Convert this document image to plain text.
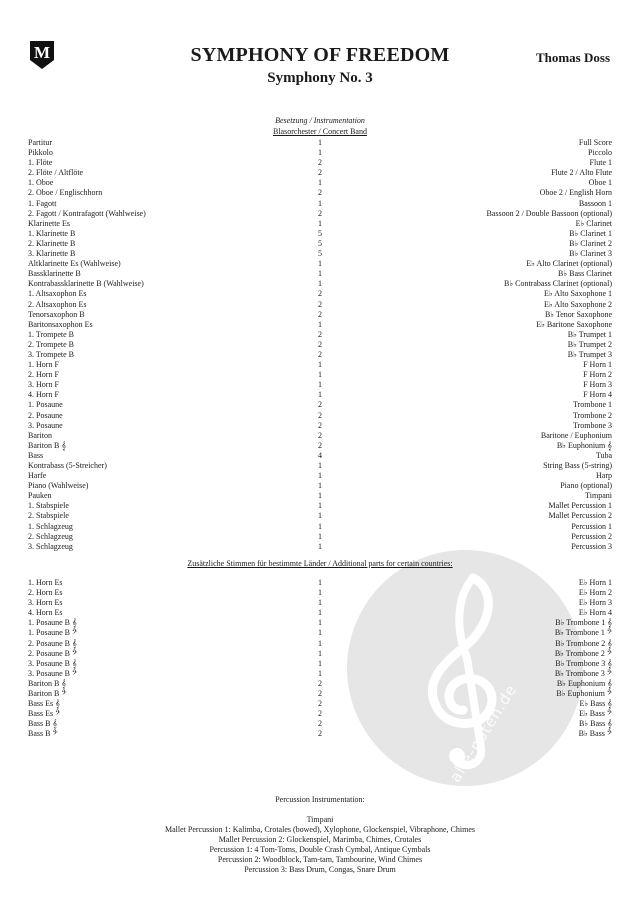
M	SYMPHONY OF FREEDOM
Symphony No. 3
Thomas Doss
alle-noten.de
Besetzung / Instrumentation
Blasorchester / Concert Band
Partitur	1	Full Score
Pikkolo	1	Piccolo
1. Flöte	2	Flute 1
2. Flöte / Altflöte	2	Flute 2 / Alto Flute
1. Oboe	1	Oboe 1
2. Oboe / Englischhorn	2	Oboe 2 / English Horn
1. Fagott	1	Bassoon 1
2. Fagott / Kontrafagott (Wahlweise)	2	Bassoon 2 / Double Bassoon (optional)
Klarinette Es	1	E♭ Clarinet
1. Klarinette B	5	B♭ Clarinet 1
2. Klarinette B	5	B♭ Clarinet 2
3. Klarinette B	5	B♭ Clarinet 3
Altklarinette Es (Wahlweise)	1	E♭ Alto Clarinet (optional)
Bassklarinette B	1	B♭ Bass Clarinet
Kontrabassklarinette B (Wahlweise)	1	B♭ Contrabass Clarinet (optional)
1. Altsaxophon Es	2	E♭ Alto Saxophone 1
2. Altsaxophon Es	2	E♭ Alto Saxophone 2
Tenorsaxophon B	2	B♭ Tenor Saxophone
Baritonsaxophon Es	1	E♭ Baritone Saxophone
1. Trompete B	2	B♭ Trumpet 1
2. Trompete B	2	B♭ Trumpet 2
3. Trompete B	2	B♭ Trumpet 3
1. Horn F	1	F Horn 1
2. Horn F	1	F Horn 2
3. Horn F	1	F Horn 3
4. Horn F	1	F Horn 4
1. Posaune	2	Trombone 1
2. Posaune	2	Trombone 2
3. Posaune	2	Trombone 3
Bariton	2	Baritone / Euphonium
Bariton B 𝄞	2	B♭ Euphonium 𝄞
Bass	4	Tuba
Kontrabass (5-Streicher)	1	String Bass (5-string)
Harfe	1	Harp
Piano (Wahlweise)	1	Piano (optional)
Pauken	1	Timpani
1. Stabspiele	1	Mallet Percussion 1
2. Stabspiele	1	Mallet Percussion 2
1. Schlagzeug	1	Percussion 1
2. Schlagzeug	1	Percussion 2
3. Schlagzeug	1	Percussion 3
Zusätzliche Stimmen für bestimmte Länder / Additional parts for certain countries:
1. Horn Es	1	E♭ Horn 1
2. Horn Es	1	E♭ Horn 2
3. Horn Es	1	E♭ Horn 3
4. Horn Es	1	E♭ Horn 4
1. Posaune B 𝄞	1	B♭ Trombone 1 𝄞
1. Posaune B 𝄢	1	B♭ Trombone 1 𝄢
2. Posaune B 𝄞	1	B♭ Trombone 2 𝄞
2. Posaune B 𝄢	1	B♭ Trombone 2 𝄢
3. Posaune B 𝄞	1	B♭ Trombone 3 𝄞
3. Posaune B 𝄢	1	B♭ Trombone 3 𝄢
Bariton B 𝄞	2	B♭ Euphonium 𝄞
Bariton B 𝄢	2	B♭ Euphonium 𝄢
Bass Es 𝄞	2	E♭ Bass 𝄞
Bass Es 𝄢	2	E♭ Bass 𝄢
Bass B 𝄞	2	B♭ Bass 𝄞
Bass B 𝄢	2	B♭ Bass 𝄢
Percussion Instrumentation:
Timpani
Mallet Percussion 1: Kalimba, Crotales (bowed), Xylophone, Glockenspiel, Vibraphone, Chimes
Mallet Percussion 2: Glockenspiel, Marimba, Chimes, Crotales
Percussion 1: 4 Tom-Toms, Double Crash Cymbal, Antique Cymbals
Percussion 2: Woodblock, Tam-tam, Tambourine, Wind Chimes
Percussion 3: Bass Drum, Congas, Snare Drum
